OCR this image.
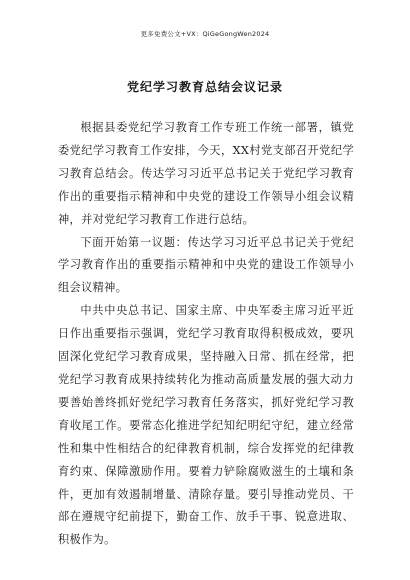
更多免费公文+VX：QiGeGongWen2024
党纪学习教育总结会议记录

根据县委党纪学习教育工作专班工作统一部署，镇党委党纪学习教育工作安排，今天，XX村党支部召开党纪学习教育总结会。传达学习习近平总书记关于党纪学习教育作出的重要指示精神和中央党的建设工作领导小组会议精神，并对党纪学习教育工作进行总结。

下面开始第一议题：传达学习习近平总书记关于党纪学习教育作出的重要指示精神和中央党的建设工作领导小组会议精神。

中共中央总书记、国家主席、中央军委主席习近平近日作出重要指示强调，党纪学习教育取得积极成效，要巩固深化党纪学习教育成果，坚持融入日常、抓在经常，把党纪学习教育成果持续转化为推动高质量发展的强大动力要善始善终抓好党纪学习教育任务落实，抓好党纪学习教育收尾工作。要常态化推进学纪知纪明纪守纪，建立经常性和集中性相结合的纪律教育机制，综合发挥党的纪律教育约束、保障激励作用。要着力铲除腐败滋生的土壤和条件，更加有效遏制增量、清除存量。要引导推动党员、干部在遵规守纪前提下，勤奋工作、放手干事、锐意进取、积极作为。
